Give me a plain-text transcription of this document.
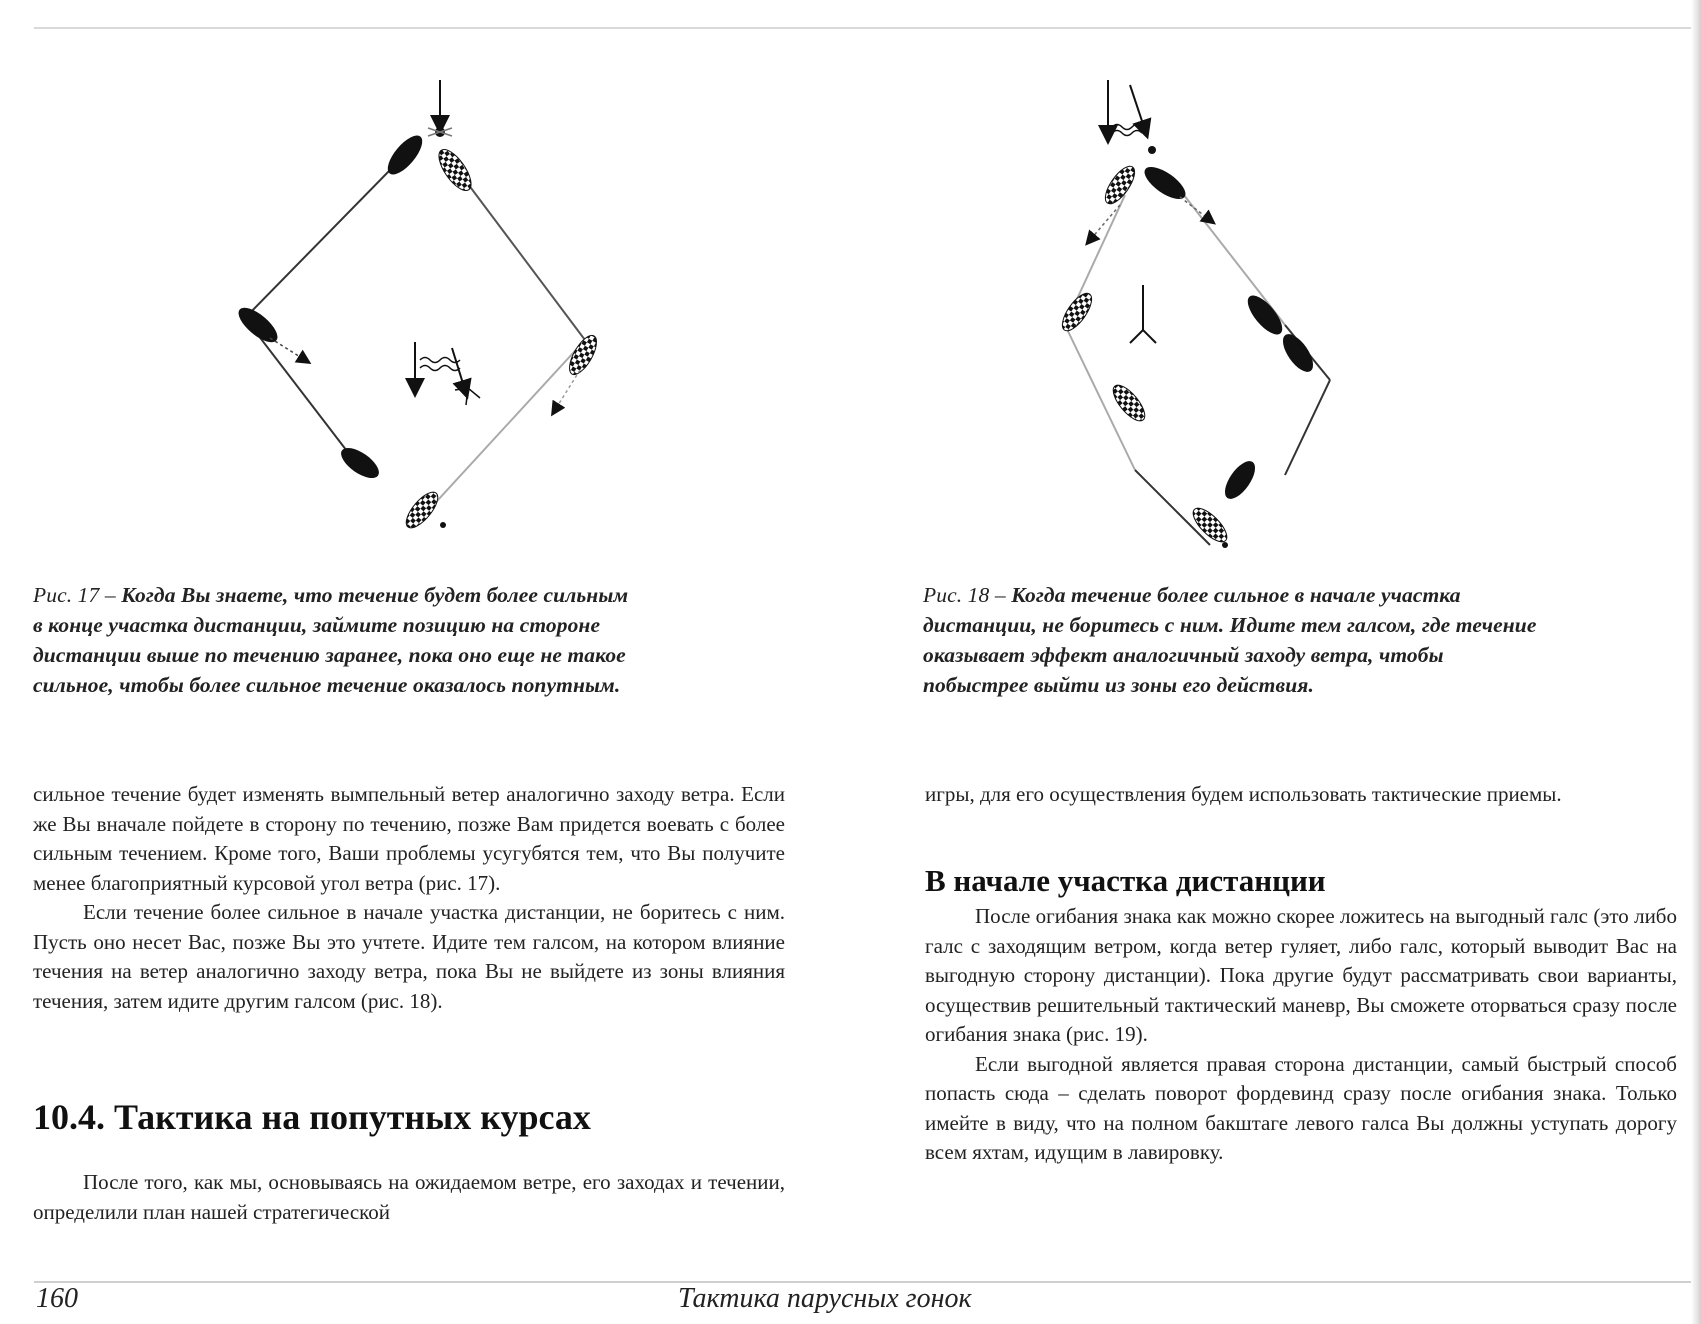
Рис. 17 – Когда Вы знаете, что течение будет более сильным
в конце участка дистанции, займите позицию на стороне
дистанции выше по течению заранее, пока оно еще не такое
сильное, чтобы более сильное течение оказалось попутным.
Рис. 18 – Когда течение более сильное в начале участка
дистанции, не боритесь с ним. Идите тем галсом, где течение
оказывает эффект аналогичный заходу ветра, чтобы
побыстрее выйти из зоны его действия.

сильное течение будет изменять вымпельный ветер аналогично заходу ветра. Если же Вы вначале пойдете в сторону по течению, позже Вам придется воевать с более сильным течением. Кроме того, Ваши проблемы усугубятся тем, что Вы получите менее благоприятный курсовой угол ветра (рис. 17).

Если течение более сильное в начале участка дистанции, не боритесь с ним. Пусть оно несет Вас, позже Вы это учтете. Идите тем галсом, на котором влияние течения на ветер аналогично заходу ветра, пока Вы не выйдете из зоны влияния течения, затем идите другим галсом (рис. 18).

10.4. Тактика на попутных курсах

После того, как мы, основываясь на ожидаемом ветре, его заходах и течении, определили план нашей стратегической

игры, для его осуществления будем использовать тактические приемы.

В начале участка дистанции

После огибания знака как можно скорее ложитесь на выгодный галс (это либо галс с заходящим ветром, когда ветер гуляет, либо галс, который выводит Вас на выгодную сторону дистанции). Пока другие будут рассматривать свои варианты, осуществив решительный тактический маневр, Вы сможете оторваться сразу после огибания знака (рис. 19).

Если выгодной является правая сторона дистанции, самый быстрый способ попасть сюда – сделать поворот фордевинд сразу после огибания знака. Только имейте в виду, что на полном бакштаге левого галса Вы должны уступать дорогу всем яхтам, идущим в лавировку.

160	Тактика парусных гонок
